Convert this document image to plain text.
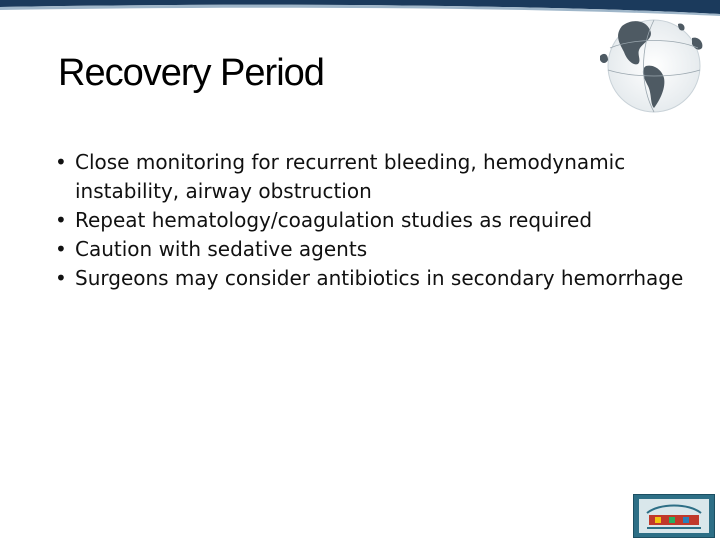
Recovery Period
• Close monitoring for recurrent bleeding, hemodynamic instability, airway obstruction
• Repeat hematology/coagulation studies as required
• Caution with sedative agents
• Surgeons may consider antibiotics in secondary hemorrhage
